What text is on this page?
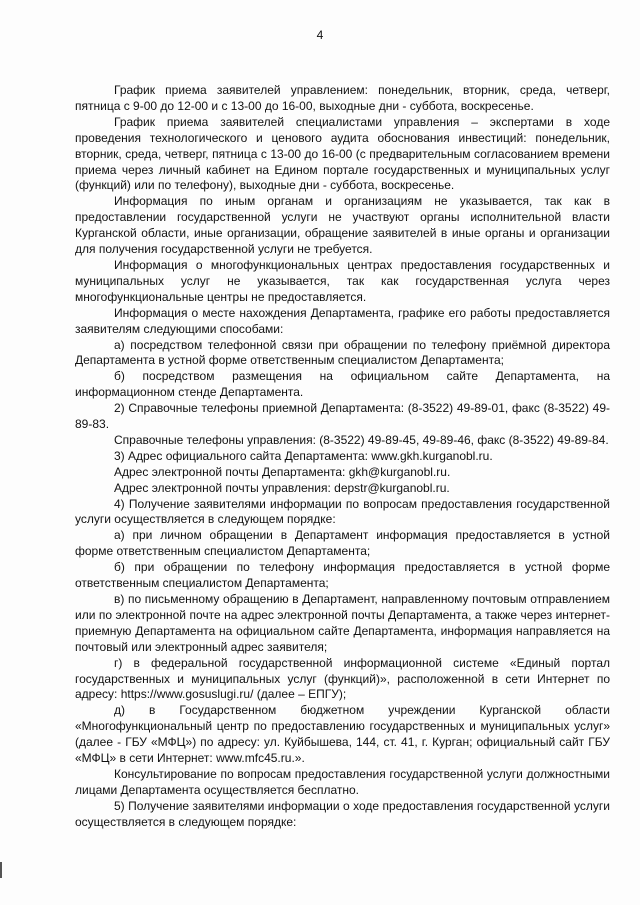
4

График приема заявителей управлением: понедельник, вторник, среда, четверг, пятница с 9-00 до 12-00 и с 13-00 до 16-00, выходные дни - суббота, воскресенье.

График приема заявителей специалистами управления – экспертами в ходе проведения технологического и ценового аудита обоснования инвестиций: понедельник, вторник, среда, четверг, пятница с 13-00 до 16-00 (с предварительным согласованием времени приема через личный кабинет на Едином портале государственных и муниципальных услуг (функций) или по телефону), выходные дни - суббота, воскресенье.

Информация по иным органам и организациям не указывается, так как в предоставлении государственной услуги не участвуют органы исполнительной власти Курганской области, иные организации, обращение заявителей в иные органы и организации для получения государственной услуги не требуется.

Информация о многофункциональных центрах предоставления государственных и муниципальных услуг не указывается, так как государственная услуга через многофункциональные центры не предоставляется.

Информация о месте нахождения Департамента, графике его работы предоставляется заявителям следующими способами:

а) посредством телефонной связи при обращении по телефону приёмной директора Департамента в устной форме ответственным специалистом Департамента;

б) посредством размещения на официальном сайте Департамента, на информационном стенде Департамента.

2) Справочные телефоны приемной Департамента: (8-3522) 49-89-01, факс (8-3522) 49-89-83.

Справочные телефоны управления: (8-3522) 49-89-45, 49-89-46, факс (8-3522) 49-89-84.

3) Адрес официального сайта Департамента: www.gkh.kurganobl.ru.

Адрес электронной почты Департамента: gkh@kurganobl.ru.

Адрес электронной почты управления: depstr@kurganobl.ru.

4) Получение заявителями информации по вопросам предоставления государственной услуги осуществляется в следующем порядке:

а) при личном обращении в Департамент информация предоставляется в устной форме ответственным специалистом Департамента;

б) при обращении по телефону информация предоставляется в устной форме ответственным специалистом Департамента;

в) по письменному обращению в Департамент, направленному почтовым отправлением или по электронной почте на адрес электронной почты Департамента, а также через интернет-приемную Департамента на официальном сайте Департамента, информация направляется на почтовый или электронный адрес заявителя;

г) в федеральной государственной информационной системе «Единый портал государственных и муниципальных услуг (функций)», расположенной в сети Интернет по адресу: https://www.gosuslugi.ru/ (далее – ЕПГУ);

д) в Государственном бюджетном учреждении Курганской области «Многофункциональный центр по предоставлению государственных и муниципальных услуг» (далее - ГБУ «МФЦ») по адресу: ул. Куйбышева, 144, ст. 41, г. Курган; официальный сайт ГБУ «МФЦ» в сети Интернет: www.mfc45.ru.».

Консультирование по вопросам предоставления государственной услуги должностными лицами Департамента осуществляется бесплатно.

5) Получение заявителями информации о ходе предоставления государственной услуги осуществляется в следующем порядке:
